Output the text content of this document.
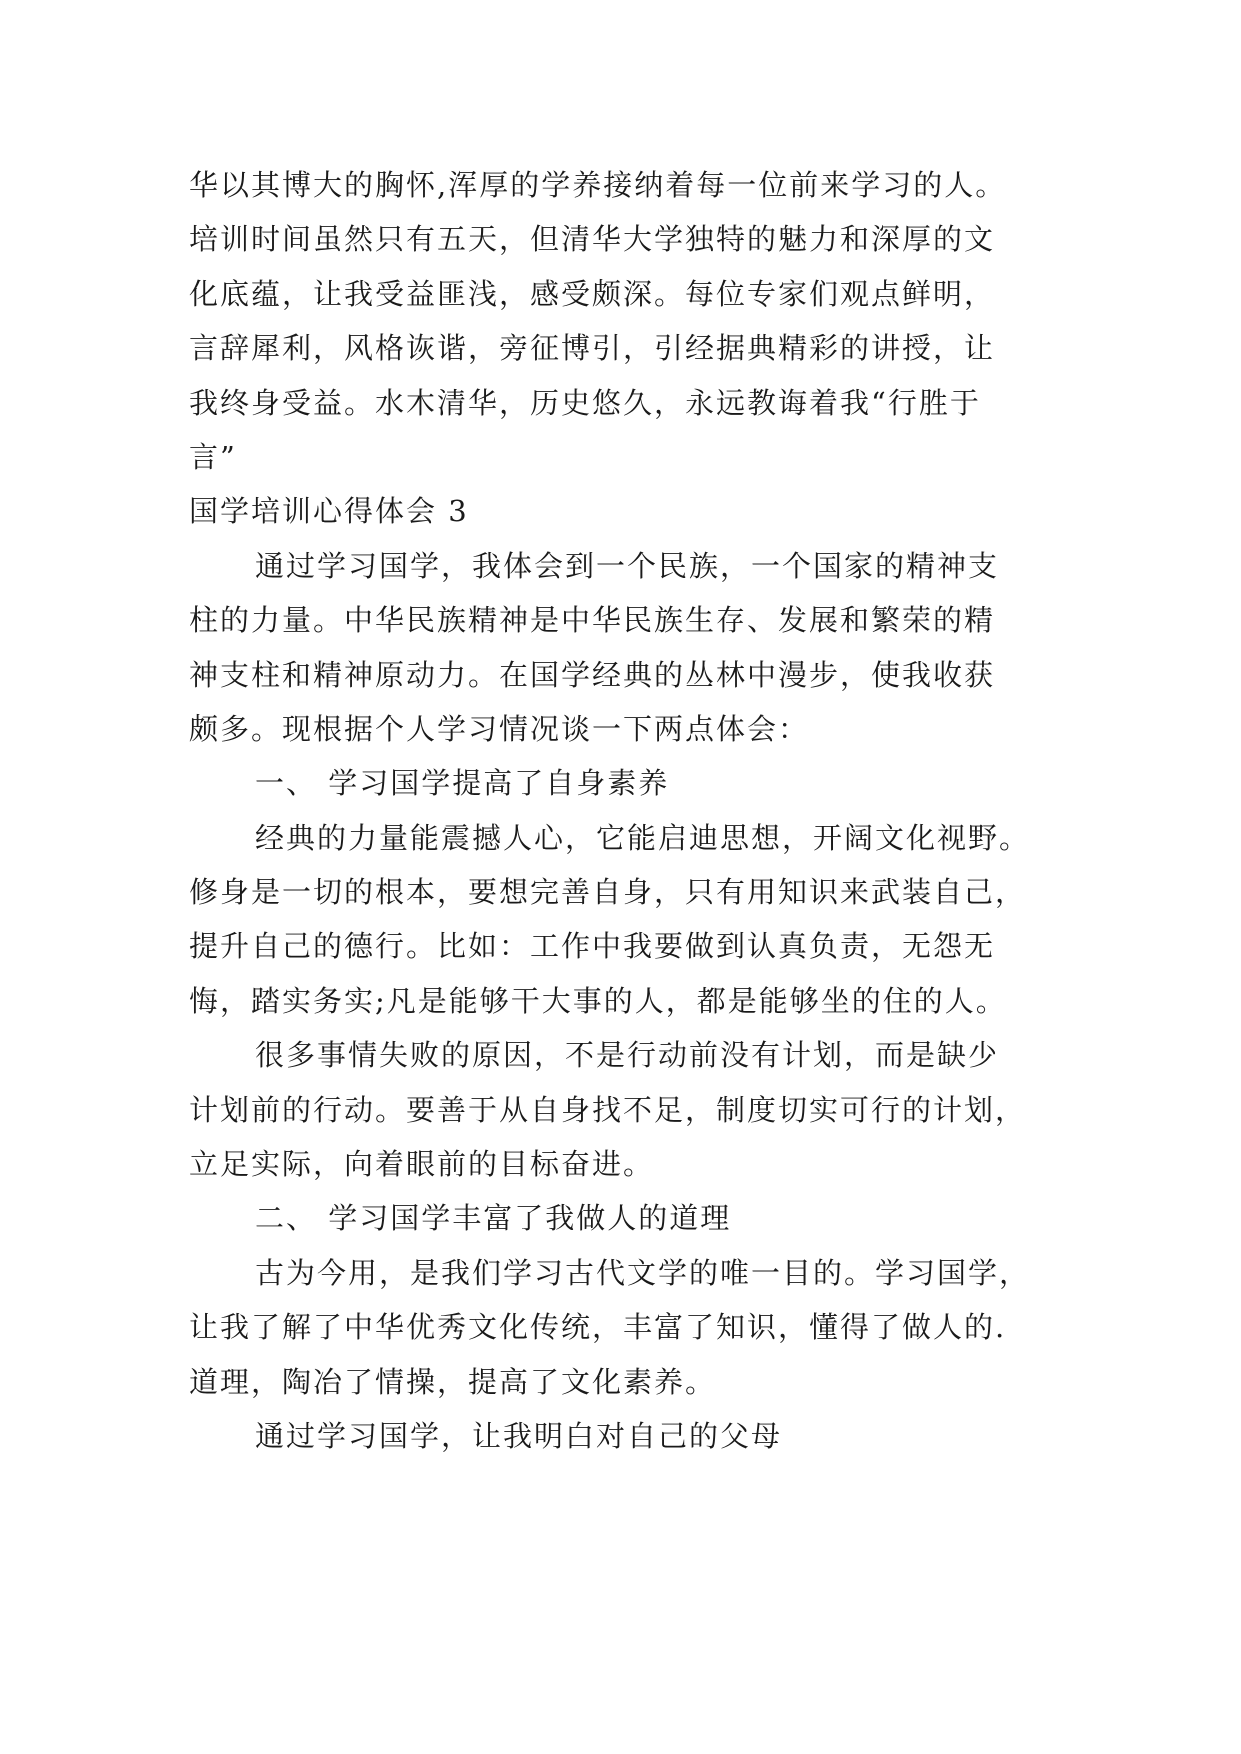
华以其博大的胸怀,浑厚的学养接纳着每一位前来学习的人。
培训时间虽然只有五天，但清华大学独特的魅力和深厚的文
化底蕴，让我受益匪浅，感受颇深。每位专家们观点鲜明，
言辞犀利，风格诙谐，旁征博引，引经据典精彩的讲授，让
我终身受益。水木清华，历史悠久，永远教诲着我“行胜于
言”
国学培训心得体会 3
通过学习国学，我体会到一个民族，一个国家的精神支
柱的力量。中华民族精神是中华民族生存、发展和繁荣的精
神支柱和精神原动力。在国学经典的丛林中漫步，使我收获
颇多。现根据个人学习情况谈一下两点体会：
一、 学习国学提高了自身素养
经典的力量能震撼人心，它能启迪思想，开阔文化视野。
修身是一切的根本，要想完善自身，只有用知识来武装自己，
提升自己的德行。比如：工作中我要做到认真负责，无怨无
悔，踏实务实;凡是能够干大事的人，都是能够坐的住的人。
很多事情失败的原因，不是行动前没有计划，而是缺少
计划前的行动。要善于从自身找不足，制度切实可行的计划，
立足实际，向着眼前的目标奋进。
二、 学习国学丰富了我做人的道理
古为今用，是我们学习古代文学的唯一目的。学习国学，
让我了解了中华优秀文化传统，丰富了知识，懂得了做人的.
道理，陶冶了情操，提高了文化素养。
通过学习国学，让我明白对自己的父母
